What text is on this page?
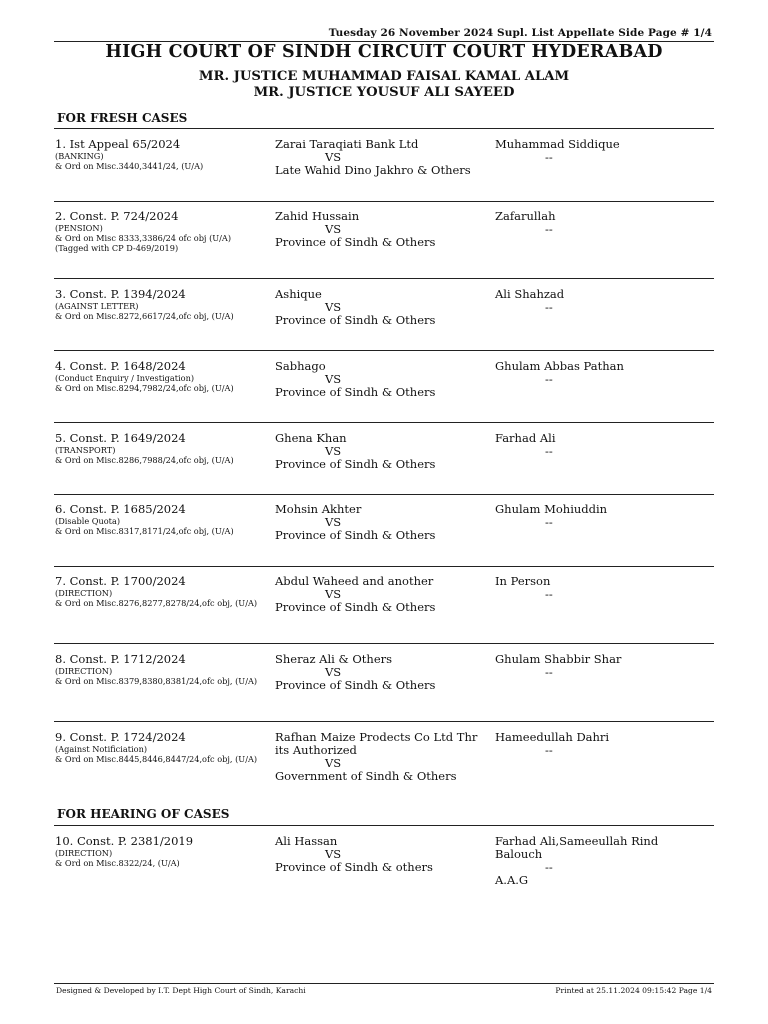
Tuesday 26 November 2024 Supl. List Appellate Side Page # 1/4
HIGH COURT OF SINDH CIRCUIT COURT HYDERABAD
MR. JUSTICE MUHAMMAD FAISAL KAMAL ALAM
MR. JUSTICE YOUSUF ALI SAYEED
FOR FRESH CASES
1. Ist Appeal 65/2024
(BANKING)
& Ord on Misc.3440,3441/24, (U/A)
Zarai Taraqiati Bank Ltd
VS
Late Wahid Dino Jakhro & Others
Muhammad Siddique
--
2. Const. P. 724/2024
(PENSION)
& Ord on Misc 8333,3386/24 ofc obj (U/A)
(Tagged with CP D-469/2019)
Zahid Hussain
VS
Province of Sindh & Others
Zafarullah
--
3. Const. P. 1394/2024
(AGAINST LETTER)
& Ord on Misc.8272,6617/24,ofc obj, (U/A)
Ashique
VS
Province of Sindh & Others
Ali Shahzad
--
4. Const. P. 1648/2024
(Conduct Enquiry / Investigation)
& Ord on Misc.8294,7982/24,ofc obj, (U/A)
Sabhago
VS
Province of Sindh & Others
Ghulam Abbas Pathan
--
5. Const. P. 1649/2024
(TRANSPORT)
& Ord on Misc.8286,7988/24,ofc obj, (U/A)
Ghena Khan
VS
Province of Sindh & Others
Farhad Ali
--
6. Const. P. 1685/2024
(Disable Quota)
& Ord on Misc.8317,8171/24,ofc obj, (U/A)
Mohsin Akhter
VS
Province of Sindh & Others
Ghulam Mohiuddin
--
7. Const. P. 1700/2024
(DIRECTION)
& Ord on Misc.8276,8277,8278/24,ofc obj, (U/A)
Abdul Waheed and another
VS
Province of Sindh & Others
In Person
--
8. Const. P. 1712/2024
(DIRECTION)
& Ord on Misc.8379,8380,8381/24,ofc obj, (U/A)
Sheraz Ali & Others
VS
Province of Sindh & Others
Ghulam Shabbir Shar
--
9. Const. P. 1724/2024
(Against Notificiation)
& Ord on Misc.8445,8446,8447/24,ofc obj, (U/A)
Rafhan Maize Prodects Co Ltd Thr its Authorized
VS
Government of Sindh & Others
Hameedullah Dahri
--
FOR HEARING OF CASES
10. Const. P. 2381/2019
(DIRECTION)
& Ord on Misc.8322/24, (U/A)
Ali Hassan
VS
Province of Sindh & others
Farhad Ali,Sameeullah Rind Balouch
--
A.A.G
Designed & Developed by I.T. Dept High Court of Sindh, Karachi	Printed at 25.11.2024 09:15:42 Page 1/4
